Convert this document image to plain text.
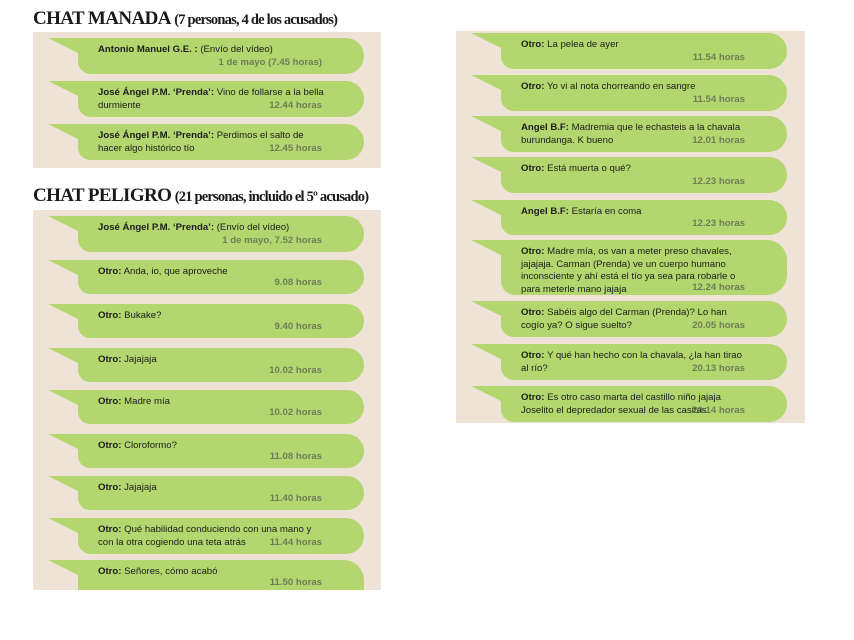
CHAT MANADA (7 personas, 4 de los acusados)
Antonio Manuel G.E. : (Envío del vídeo)
1 de mayo (7.45 horas)
José Ángel P.M. ‘Prenda’: Vino de follarse a la bella durmiente	12.44 horas
José Ángel P.M. ‘Prenda’: Perdimos el salto de hacer algo histórico tío	12.45 horas
CHAT PELIGRO (21 personas, incluido el 5º acusado)
José Ángel P.M. ‘Prenda’: (Envío del vídeo)
1 de mayo, 7.52 horas
Otro: Anda, io, que aproveche
9.08 horas
Otro: Bukake?
9.40 horas
Otro: Jajajaja
10.02 horas
Otro: Madre mía
10.02 horas
Otro: Cloroformo?
11.08 horas
Otro: Jajajaja
11.40 horas
Otro: Qué habilidad conduciendo con una mano y con la otra cogiendo una teta atrás	11.44 horas
Otro: Señores, cómo acabó
11.50 horas
Otro: La pelea de ayer
11.54 horas
Otro: Yo vi al nota chorreando en sangre
11.54 horas
Angel B.F: Madremia que le echasteis a la chavala burundanga. K bueno	12.01 horas
Otro: Está muerta o qué?
12.23 horas
Angel B.F: Estaría en coma
12.23 horas
Otro: Madre mía, os van a meter preso chavales, jajajaja. Carman (Prenda) ve un cuerpo humano inconsciente y ahí está el tío ya sea para robarle o para meterle mano jajaja	12.24 horas
Otro: Sabéis algo del Carman (Prenda)? Lo han cogío ya? O sigue suelto?	20.05 horas
Otro: Y qué han hecho con la chavala, ¿la han tirao al río?	20.13 horas
Otro: Es otro caso marta del castillo niño jajaja Joselito el depredador sexual de las casitas
20.14 horas
